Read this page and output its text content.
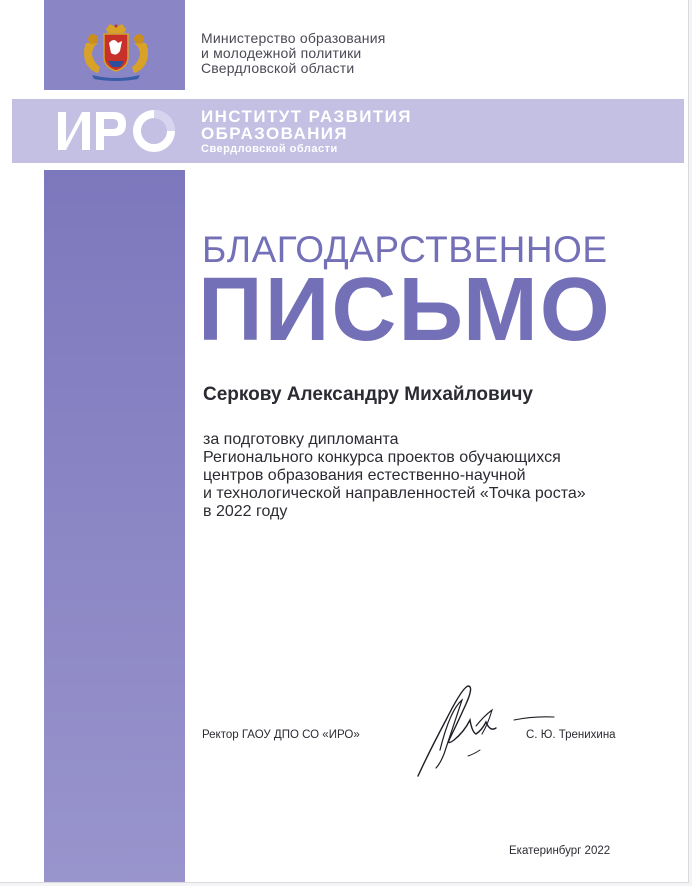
Министерство образования
и молодежной политики
Свердловской области
ИНСТИТУТ РАЗВИТИЯ
ОБРАЗОВАНИЯ
Свердловской области
БЛАГОДАРСТВЕННОЕ
ПИСЬМО
Серкову Александру Михайловичу
за подготовку дипломанта
Регионального конкурса проектов обучающихся
центров образования естественно-научной
и технологической направленностей «Точка роста»
в 2022 году
Ректор ГАОУ ДПО СО «ИРО»	С. Ю. Тренихина
Екатеринбург 2022
